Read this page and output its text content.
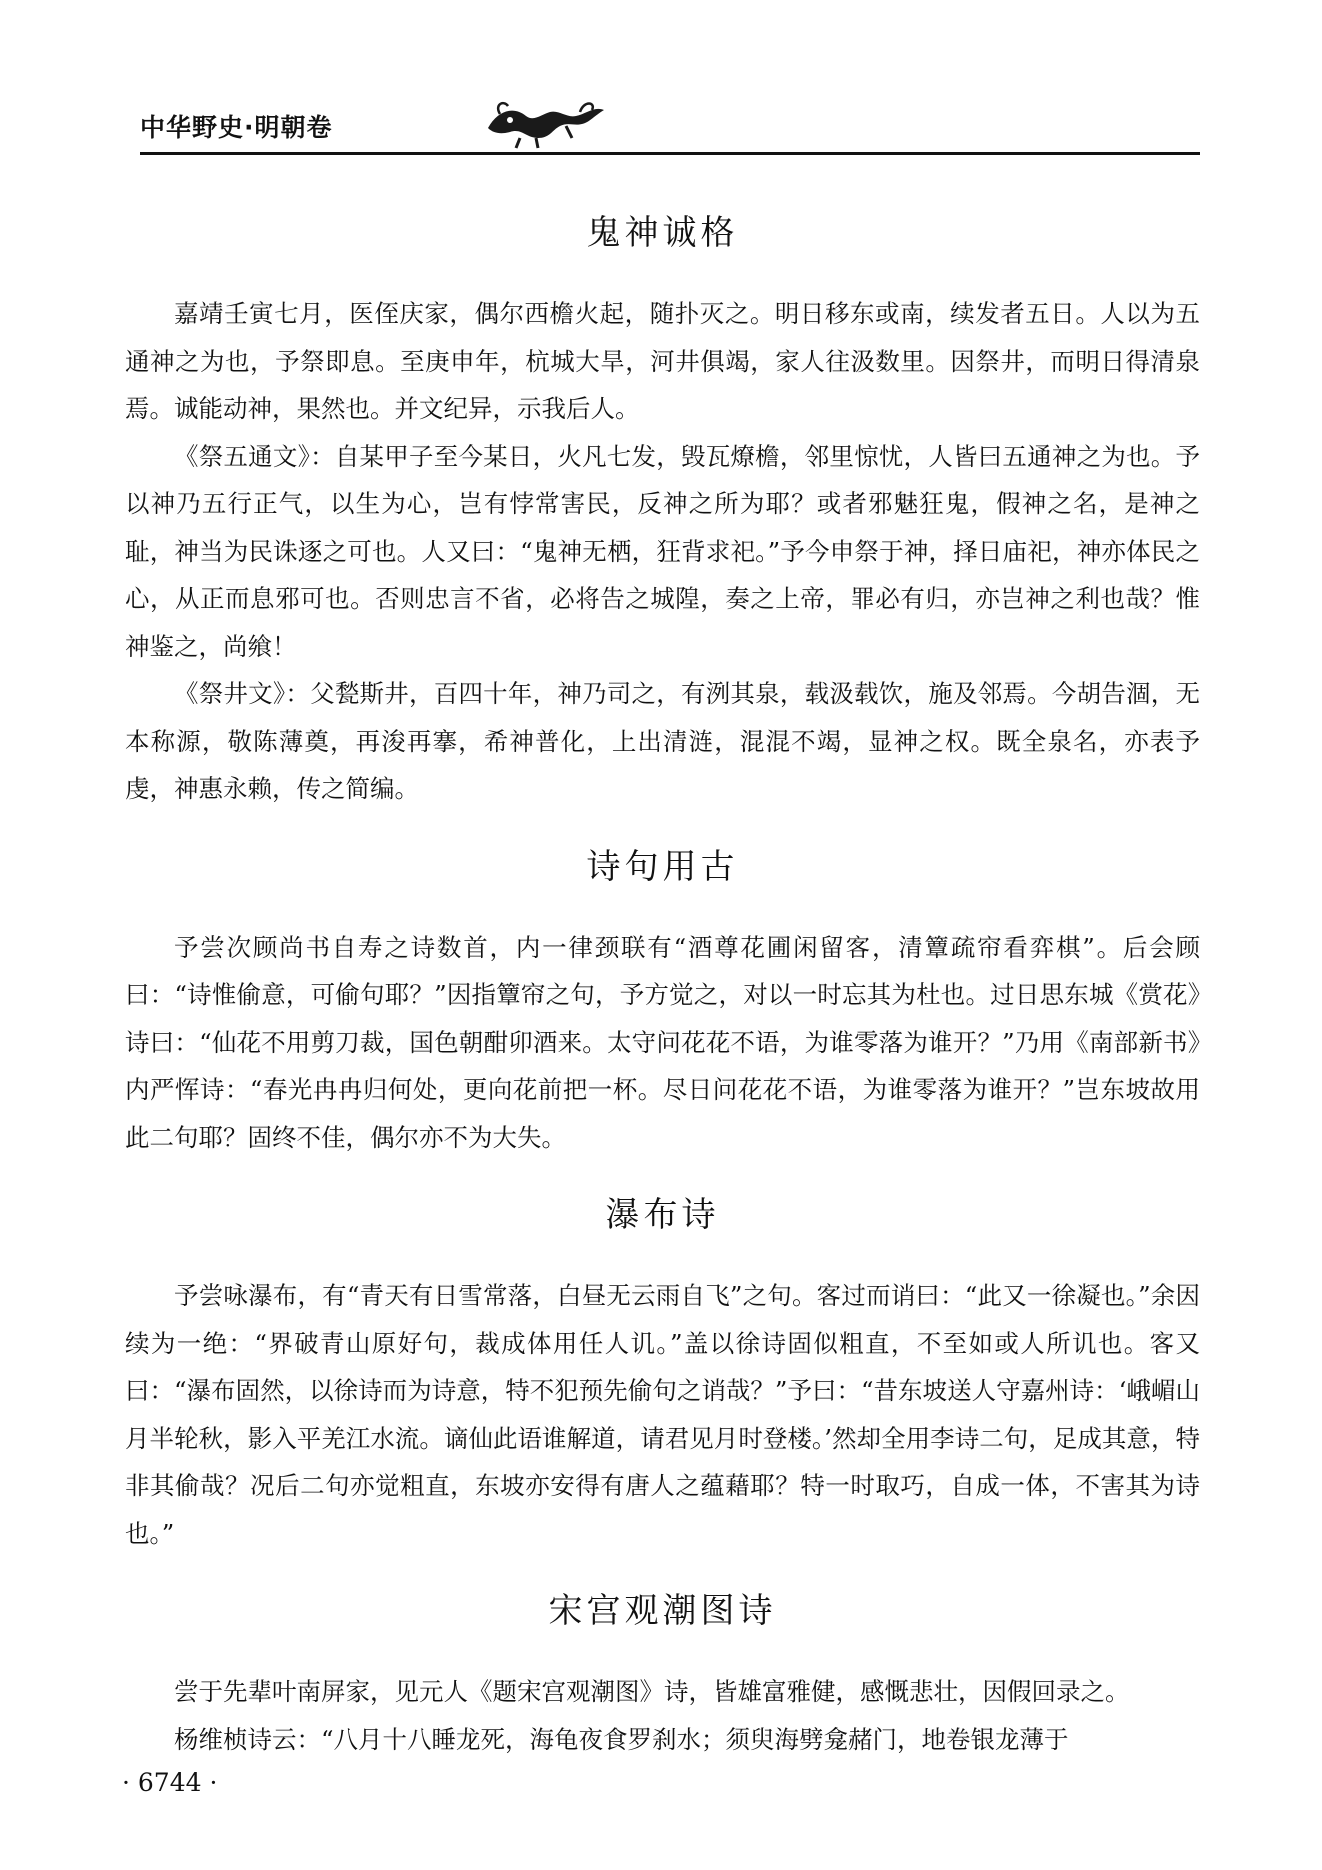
中华野史·明朝卷
鬼神诚格

嘉靖壬寅七月，医侄庆家，偶尔西檐火起，随扑灭之。明日移东或南，续发者五日。人以为五通神之为也，予祭即息。至庚申年，杭城大旱，河井俱竭，家人往汲数里。因祭井，而明日得清泉焉。诚能动神，果然也。并文纪异，示我后人。

《祭五通文》：自某甲子至今某日，火凡七发，毁瓦燎檐，邻里惊忧，人皆曰五通神之为也。予以神乃五行正气，以生为心，岂有悖常害民，反神之所为耶？或者邪魅狂鬼，假神之名，是神之耻，神当为民诛逐之可也。人又曰：“鬼神无栖，狂背求祀。”予今申祭于神，择日庙祀，神亦体民之心，从正而息邪可也。否则忠言不省，必将告之城隍，奏之上帝，罪必有归，亦岂神之利也哉？惟神鉴之，尚飨！

《祭井文》：父甃斯井，百四十年，神乃司之，有洌其泉，载汲载饮，施及邻焉。今胡告涸，无本称源，敬陈薄奠，再浚再搴，希神普化，上出清涟，混混不竭，显神之权。既全泉名，亦表予虔，神惠永赖，传之简编。

诗句用古

予尝次顾尚书自寿之诗数首，内一律颈联有“酒尊花圃闲留客，清簟疏帘看弈棋”。后会顾曰：“诗惟偷意，可偷句耶？”因指簟帘之句，予方觉之，对以一时忘其为杜也。过日思东城《赏花》诗曰：“仙花不用剪刀裁，国色朝酣卯酒来。太守问花花不语，为谁零落为谁开？”乃用《南部新书》内严恽诗：“春光冉冉归何处，更向花前把一杯。尽日问花花不语，为谁零落为谁开？”岂东坡故用此二句耶？固终不佳，偶尔亦不为大失。

瀑布诗

予尝咏瀑布，有“青天有日雪常落，白昼无云雨自飞”之句。客过而诮曰：“此又一徐凝也。”余因续为一绝：“界破青山原好句，裁成体用任人讥。”盖以徐诗固似粗直，不至如或人所讥也。客又曰：“瀑布固然，以徐诗而为诗意，特不犯预先偷句之诮哉？”予曰：“昔东坡送人守嘉州诗：‘峨嵋山月半轮秋，影入平羌江水流。谪仙此语谁解道，请君见月时登楼。’然却全用李诗二句，足成其意，特非其偷哉？况后二句亦觉粗直，东坡亦安得有唐人之蕴藉耶？特一时取巧，自成一体，不害其为诗也。”

宋宫观潮图诗

尝于先辈叶南屏家，见元人《题宋宫观潮图》诗，皆雄富雅健，感慨悲壮，因假回录之。

杨维桢诗云：“八月十八睡龙死，海龟夜食罗刹水；须臾海劈龛赭门，地卷银龙薄于

· 6744 ·
